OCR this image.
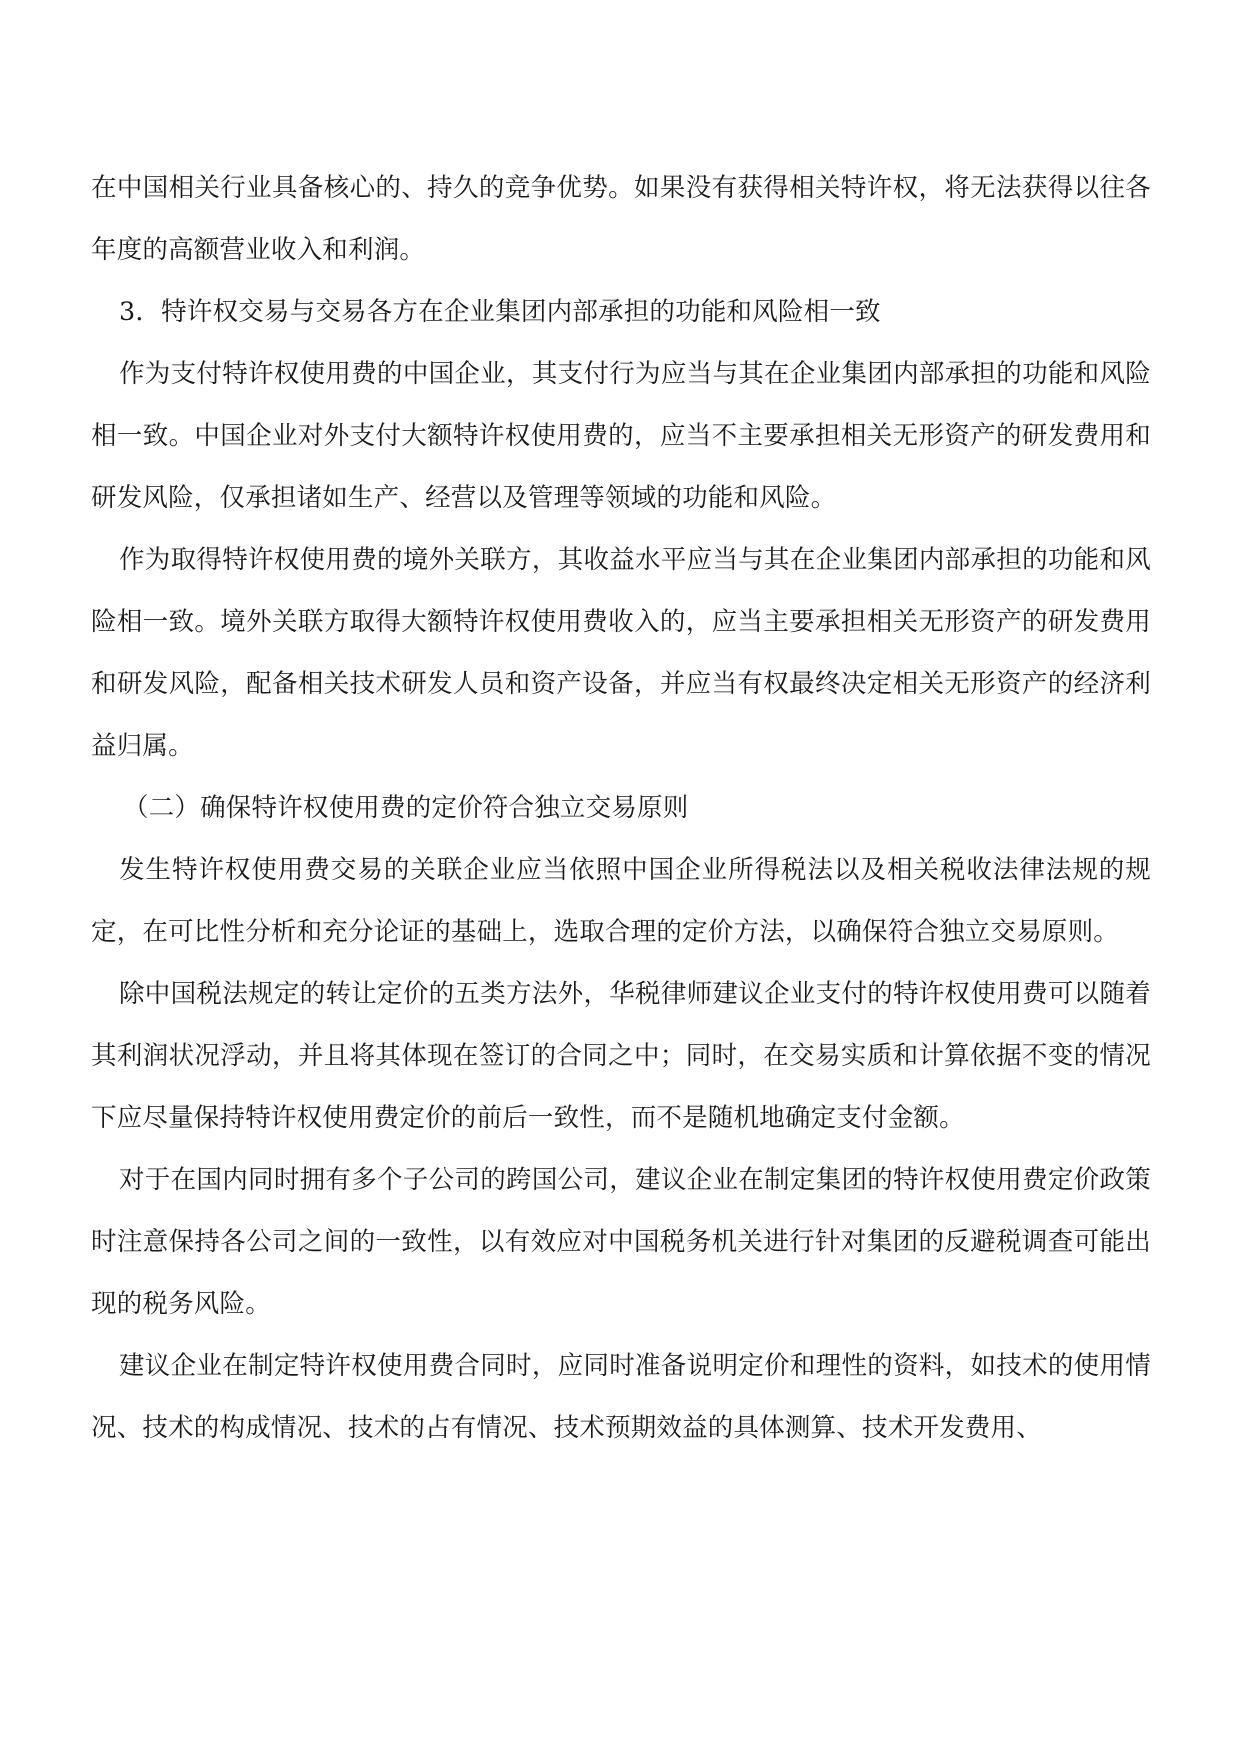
在中国相关行业具备核心的、持久的竞争优势。如果没有获得相关特许权，将无法获得以往各年度的高额营业收入和利润。

3．特许权交易与交易各方在企业集团内部承担的功能和风险相一致

作为支付特许权使用费的中国企业，其支付行为应当与其在企业集团内部承担的功能和风险相一致。中国企业对外支付大额特许权使用费的，应当不主要承担相关无形资产的研发费用和研发风险，仅承担诸如生产、经营以及管理等领域的功能和风险。

作为取得特许权使用费的境外关联方，其收益水平应当与其在企业集团内部承担的功能和风险相一致。境外关联方取得大额特许权使用费收入的，应当主要承担相关无形资产的研发费用和研发风险，配备相关技术研发人员和资产设备，并应当有权最终决定相关无形资产的经济利益归属。

（二）确保特许权使用费的定价符合独立交易原则

发生特许权使用费交易的关联企业应当依照中国企业所得税法以及相关税收法律法规的规定，在可比性分析和充分论证的基础上，选取合理的定价方法，以确保符合独立交易原则。

除中国税法规定的转让定价的五类方法外，华税律师建议企业支付的特许权使用费可以随着其利润状况浮动，并且将其体现在签订的合同之中；同时，在交易实质和计算依据不变的情况下应尽量保持特许权使用费定价的前后一致性，而不是随机地确定支付金额。

对于在国内同时拥有多个子公司的跨国公司，建议企业在制定集团的特许权使用费定价政策时注意保持各公司之间的一致性，以有效应对中国税务机关进行针对集团的反避税调查可能出现的税务风险。

建议企业在制定特许权使用费合同时，应同时准备说明定价和理性的资料，如技术的使用情况、技术的构成情况、技术的占有情况、技术预期效益的具体测算、技术开发费用、
